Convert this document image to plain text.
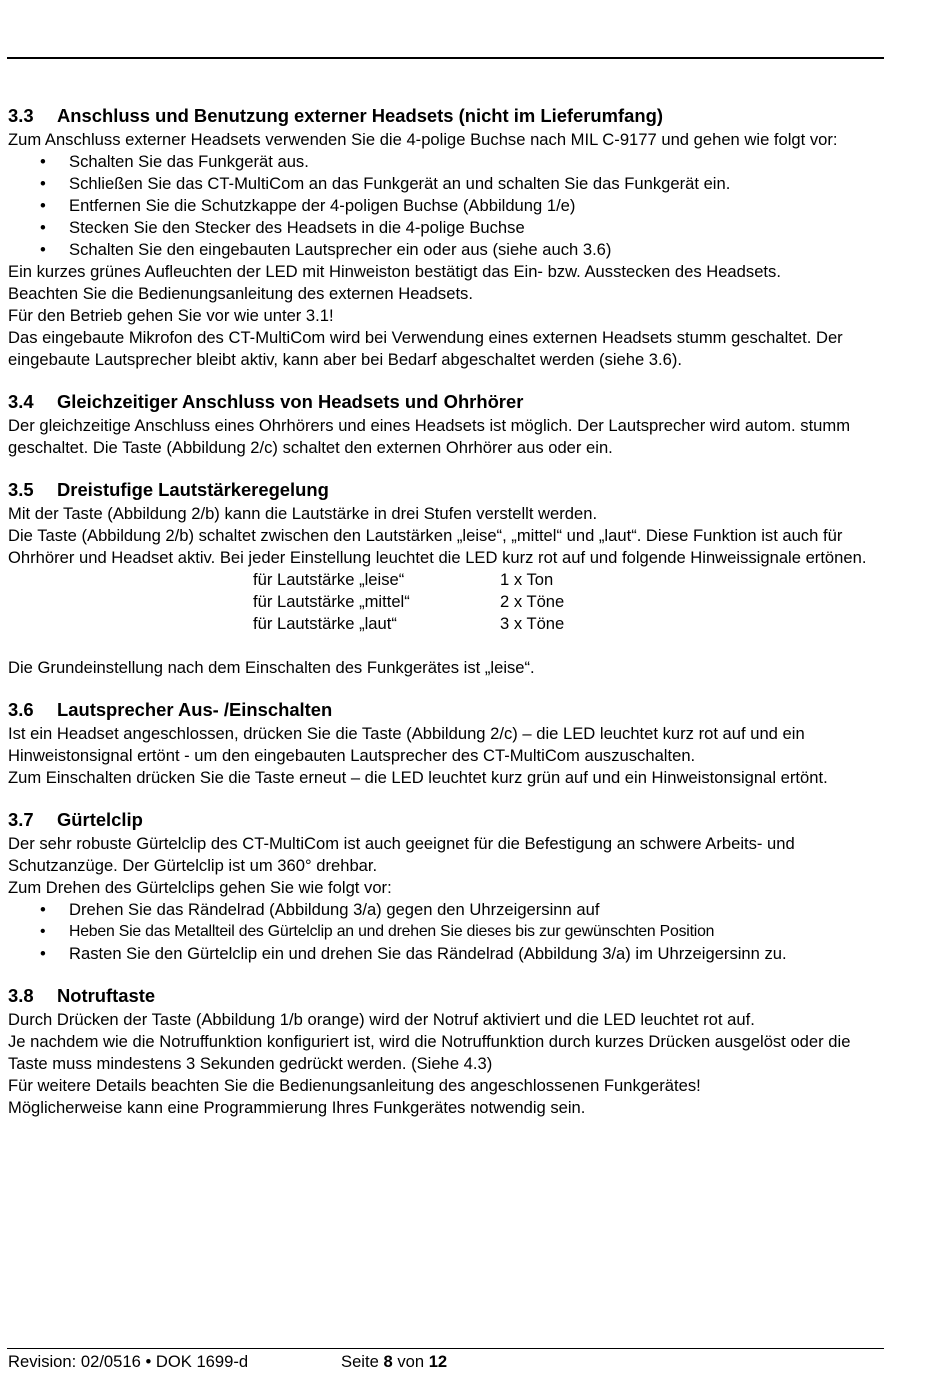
3.3 Anschluss und Benutzung externer Headsets (nicht im Lieferumfang)

Zum Anschluss externer Headsets verwenden Sie die 4-polige Buchse nach MIL C-9177 und gehen wie folgt vor:

• Schalten Sie das Funkgerät aus.
• Schließen Sie das CT-MultiCom an das Funkgerät an und schalten Sie das Funkgerät ein.
• Entfernen Sie die Schutzkappe der 4-poligen Buchse (Abbildung 1/e)
• Stecken Sie den Stecker des Headsets in die 4-polige Buchse
• Schalten Sie den eingebauten Lautsprecher ein oder aus (siehe auch 3.6)

Ein kurzes grünes Aufleuchten der LED mit Hinweiston bestätigt das Ein- bzw. Ausstecken des Headsets.

Beachten Sie die Bedienungsanleitung des externen Headsets.

Für den Betrieb gehen Sie vor wie unter 3.1!

Das eingebaute Mikrofon des CT-MultiCom wird bei Verwendung eines externen Headsets stumm geschaltet. Der eingebaute Lautsprecher bleibt aktiv, kann aber bei Bedarf abgeschaltet werden (siehe 3.6).

3.4 Gleichzeitiger Anschluss von Headsets und Ohrhörer

Der gleichzeitige Anschluss eines Ohrhörers und eines Headsets ist möglich. Der Lautsprecher wird autom. stumm geschaltet. Die Taste (Abbildung 2/c) schaltet den externen Ohrhörer aus oder ein.

3.5 Dreistufige Lautstärkeregelung

Mit der Taste (Abbildung 2/b) kann die Lautstärke in drei Stufen verstellt werden.

Die Taste (Abbildung 2/b) schaltet zwischen den Lautstärken „leise“, „mittel“ und „laut“. Diese Funktion ist auch für Ohrhörer und Headset aktiv. Bei jeder Einstellung leuchtet die LED kurz rot auf und folgende Hinweissignale ertönen.

für Lautstärke „leise“	1 x Ton
für Lautstärke „mittel“	2 x Töne
für Lautstärke „laut“	3 x Töne

Die Grundeinstellung nach dem Einschalten des Funkgerätes ist „leise“.

3.6 Lautsprecher Aus- /Einschalten

Ist ein Headset angeschlossen, drücken Sie die Taste (Abbildung 2/c) – die LED leuchtet kurz rot auf und ein Hinweistonsignal ertönt - um den eingebauten Lautsprecher des CT-MultiCom auszuschalten.

Zum Einschalten drücken Sie die Taste erneut – die LED leuchtet kurz grün auf und ein Hinweistonsignal ertönt.

3.7 Gürtelclip

Der sehr robuste Gürtelclip des CT-MultiCom ist auch geeignet für die Befestigung an schwere Arbeits- und Schutzanzüge. Der Gürtelclip ist um 360° drehbar.

Zum Drehen des Gürtelclips gehen Sie wie folgt vor:

• Drehen Sie das Rändelrad (Abbildung 3/a) gegen den Uhrzeigersinn auf
• Heben Sie das Metallteil des Gürtelclip an und drehen Sie dieses bis zur gewünschten Position
• Rasten Sie den Gürtelclip ein und drehen Sie das Rändelrad (Abbildung 3/a) im Uhrzeigersinn zu.
3.8 Notruftaste

Durch Drücken der Taste (Abbildung 1/b orange) wird der Notruf aktiviert und die LED leuchtet rot auf.

Je nachdem wie die Notruffunktion konfiguriert ist, wird die Notruffunktion durch kurzes Drücken ausgelöst oder die Taste muss mindestens 3 Sekunden gedrückt werden. (Siehe 4.3)

Für weitere Details beachten Sie die Bedienungsanleitung des angeschlossenen Funkgerätes!

Möglicherweise kann eine Programmierung Ihres Funkgerätes notwendig sein.

Revision: 02/0516 • DOK 1699-d	Seite 8 von 12
